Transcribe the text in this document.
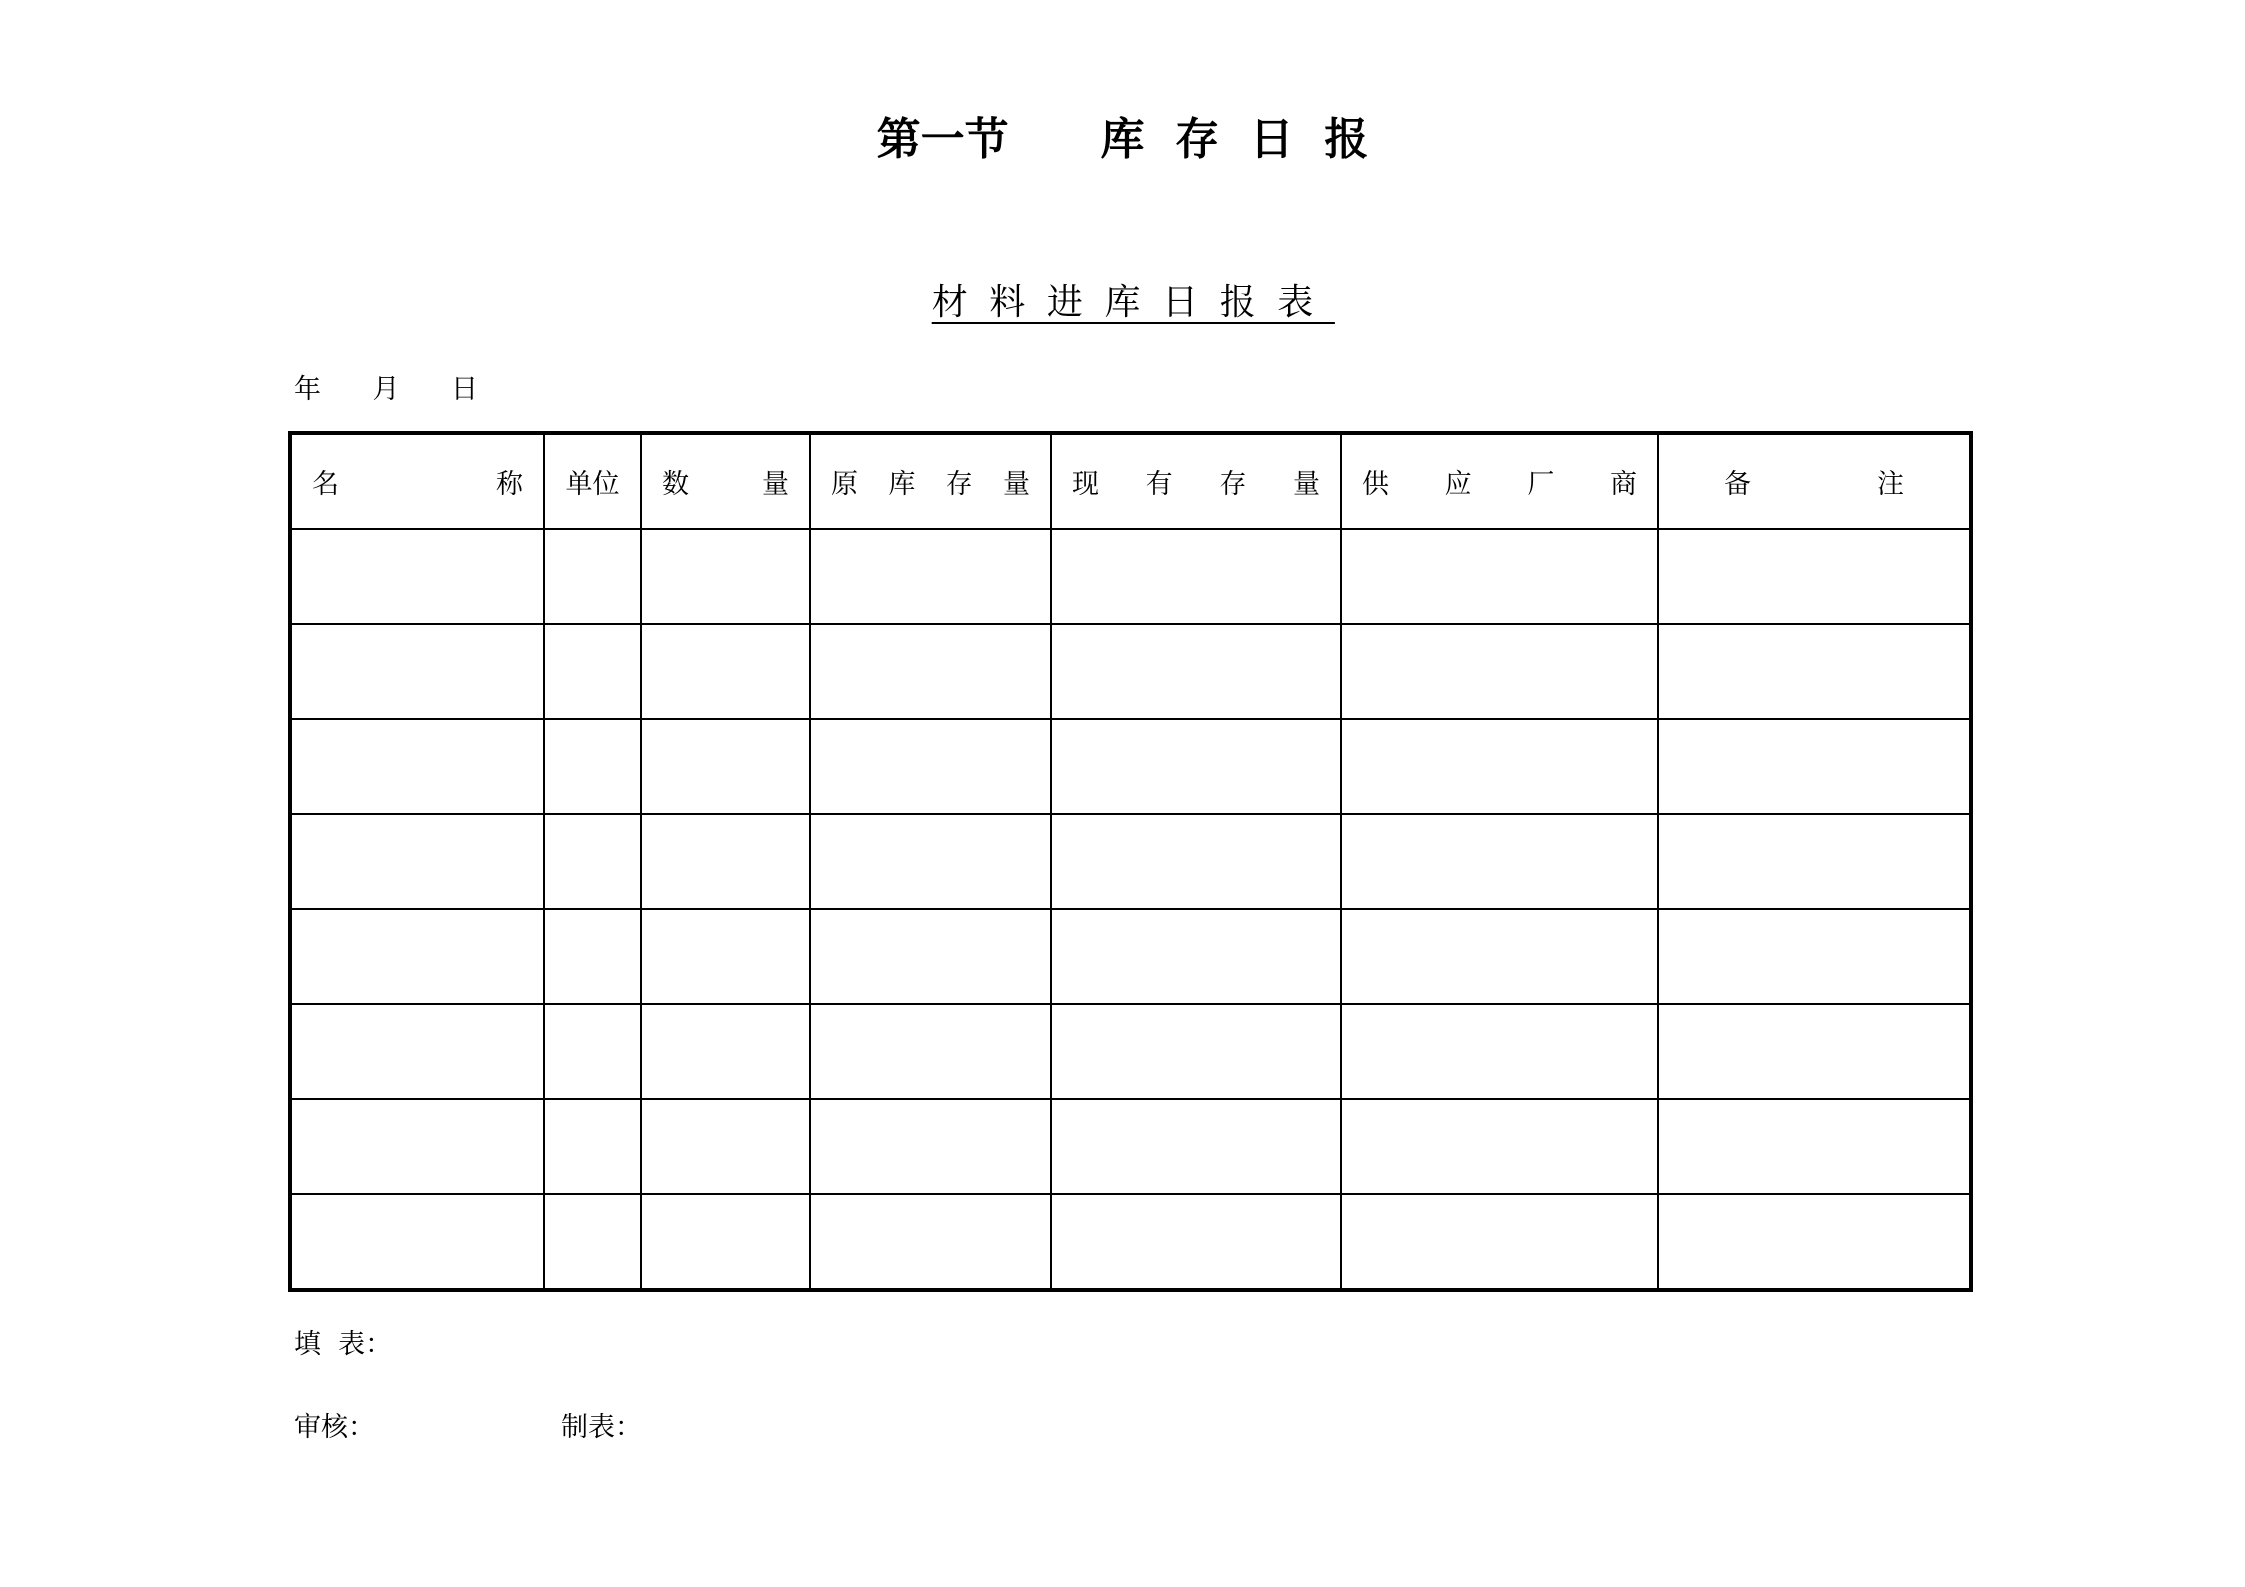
第一节      库  存  日  报
材料进库日报表
年      月      日
名 称	单位	数 量	原 库 存 量	现 有 存 量	供 应 厂 商	备 注

填  表：
审核：	制表：
